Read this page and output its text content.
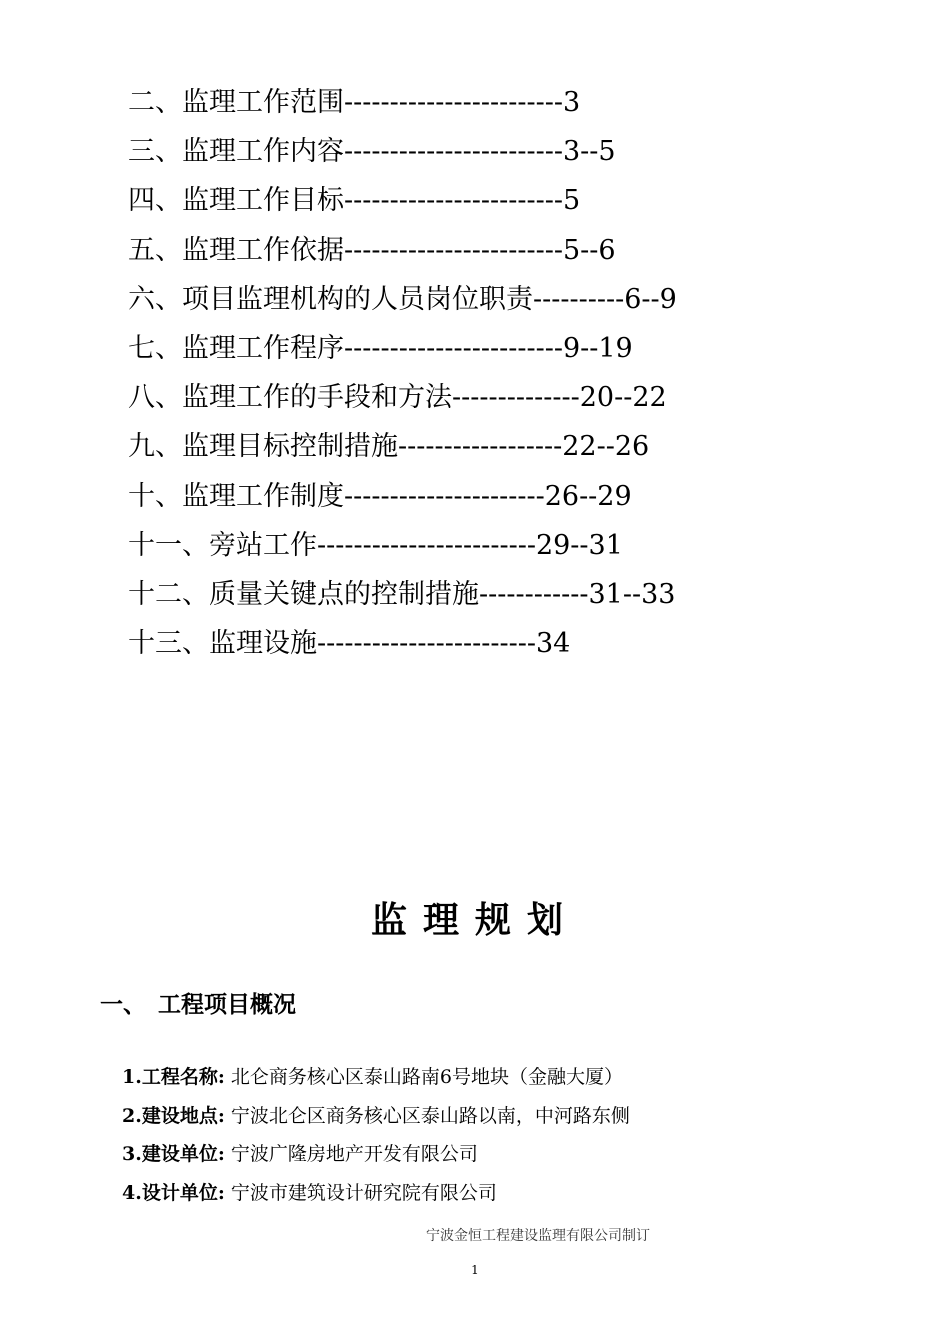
二、监理工作范围------------------------3
三、监理工作内容------------------------3--5
四、监理工作目标------------------------5
五、监理工作依据------------------------5--6
六、项目监理机构的人员岗位职责----------6--9
七、监理工作程序------------------------9--19
八、监理工作的手段和方法--------------20--22
九、监理目标控制措施------------------22--26
十、监理工作制度----------------------26--29
十一、旁站工作------------------------29--31
十二、质量关键点的控制措施------------31--33
十三、监理设施------------------------34
监理规划
一、 工程项目概况
1.工程名称: 北仑商务核心区泰山路南6号地块（金融大厦）
2.建设地点: 宁波北仑区商务核心区泰山路以南，中河路东侧
3.建设单位: 宁波广隆房地产开发有限公司
4.设计单位: 宁波市建筑设计研究院有限公司
宁波金恒工程建设监理有限公司制订
1
